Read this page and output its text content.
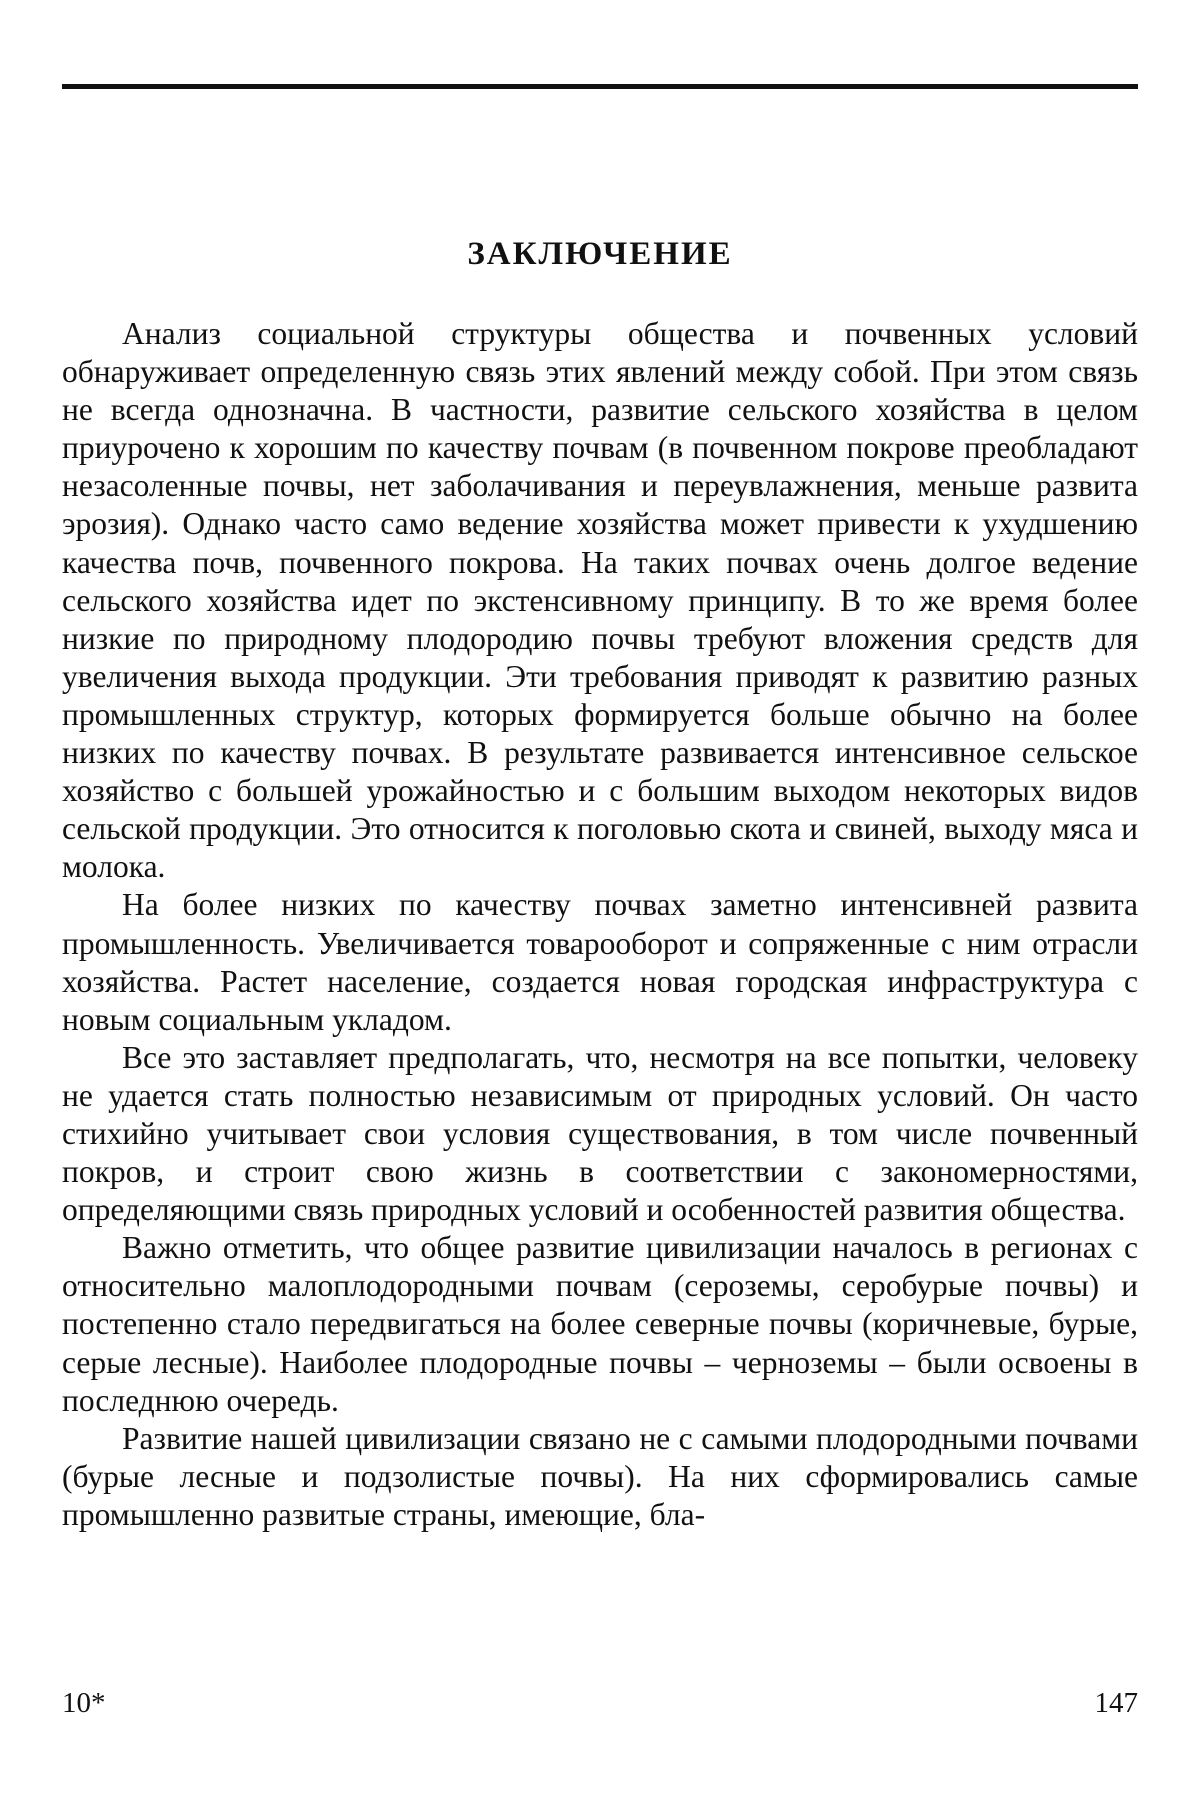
ЗАКЛЮЧЕНИЕ

Анализ социальной структуры общества и почвенных условий обнаруживает определенную связь этих явлений между собой. При этом связь не всегда однозначна. В частности, развитие сельского хозяйства в целом приурочено к хорошим по качеству почвам (в почвенном покрове преобладают незасоленные почвы, нет заболачивания и переувлажнения, меньше развита эрозия). Однако часто само ведение хозяйства может привести к ухудшению качества почв, почвенного покрова. На таких почвах очень долгое ведение сельского хозяйства идет по экстенсивному принципу. В то же время более низкие по природному плодородию почвы требуют вложения средств для увеличения выхода продукции. Эти требования приводят к развитию разных промышленных структур, которых формируется больше обычно на более низких по качеству почвах. В результате развивается интенсивное сельское хозяйство с большей урожайностью и с большим выходом некоторых видов сельской продукции. Это относится к поголовью скота и свиней, выходу мяса и молока.

На более низких по качеству почвах заметно интенсивней развита промышленность. Увеличивается товарооборот и сопряженные с ним отрасли хозяйства. Растет население, создается новая городская инфраструктура с новым социальным укладом.

Все это заставляет предполагать, что, несмотря на все попытки, человеку не удается стать полностью независимым от природных условий. Он часто стихийно учитывает свои условия существования, в том числе почвенный покров, и строит свою жизнь в соответствии с закономерностями, определяющими связь природных условий и особенностей развития общества.

Важно отметить, что общее развитие цивилизации началось в регионах с относительно малоплодородными почвам (сероземы, серобурые почвы) и постепенно стало передвигаться на более северные почвы (коричневые, бурые, серые лесные). Наиболее плодородные почвы – черноземы – были освоены в последнюю очередь.

Развитие нашей цивилизации связано не с самыми плодородными почвами (бурые лесные и подзолистые почвы). На них сформировались самые промышленно развитые страны, имеющие, бла-

10*	147
